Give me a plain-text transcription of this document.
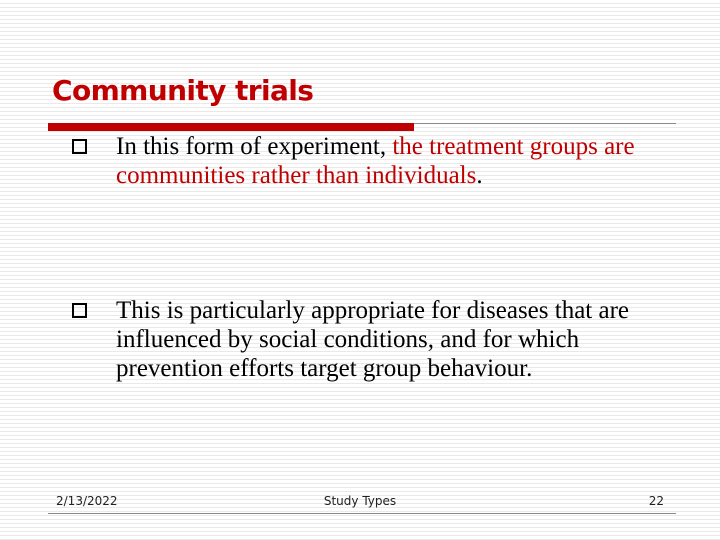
Community trials
In this form of experiment, the treatment groups are communities rather than individuals.
This is particularly appropriate for diseases that are influenced by social conditions, and for which prevention efforts target group behaviour.
2/13/2022	Study Types	22
